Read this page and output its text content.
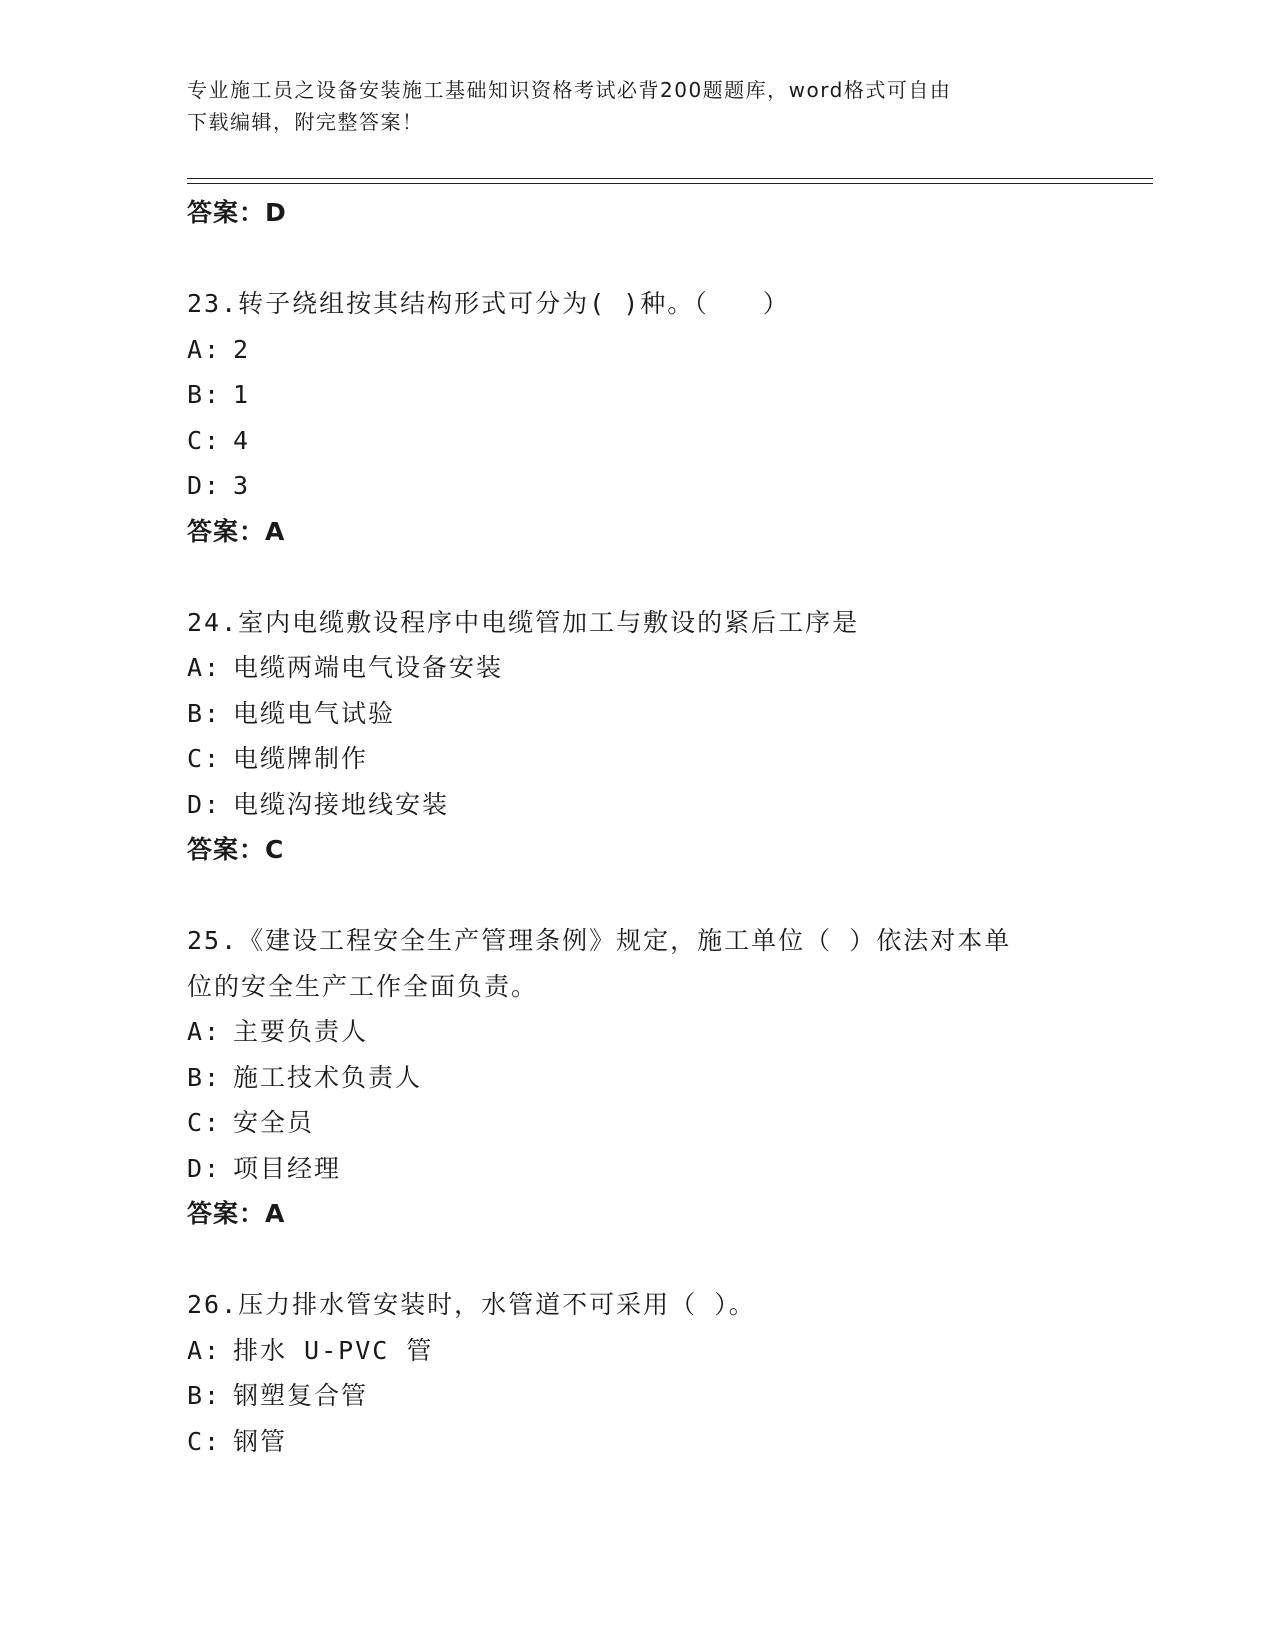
专业施工员之设备安装施工基础知识资格考试必背200题题库，word格式可自由
下载编辑，附完整答案！
答案：D
23.转子绕组按其结构形式可分为( )种。（　　）
A: 2
B: 1
C: 4
D: 3
答案：A
24.室内电缆敷设程序中电缆管加工与敷设的紧后工序是
A: 电缆两端电气设备安装
B: 电缆电气试验
C: 电缆牌制作
D: 电缆沟接地线安装
答案：C
25.《建设工程安全生产管理条例》规定，施工单位（ ）依法对本单
位的安全生产工作全面负责。
A: 主要负责人
B: 施工技术负责人
C: 安全员
D: 项目经理
答案：A
26.压力排水管安装时，水管道不可采用（ ）。
A: 排水 U-PVC 管
B: 钢塑复合管
C: 钢管
